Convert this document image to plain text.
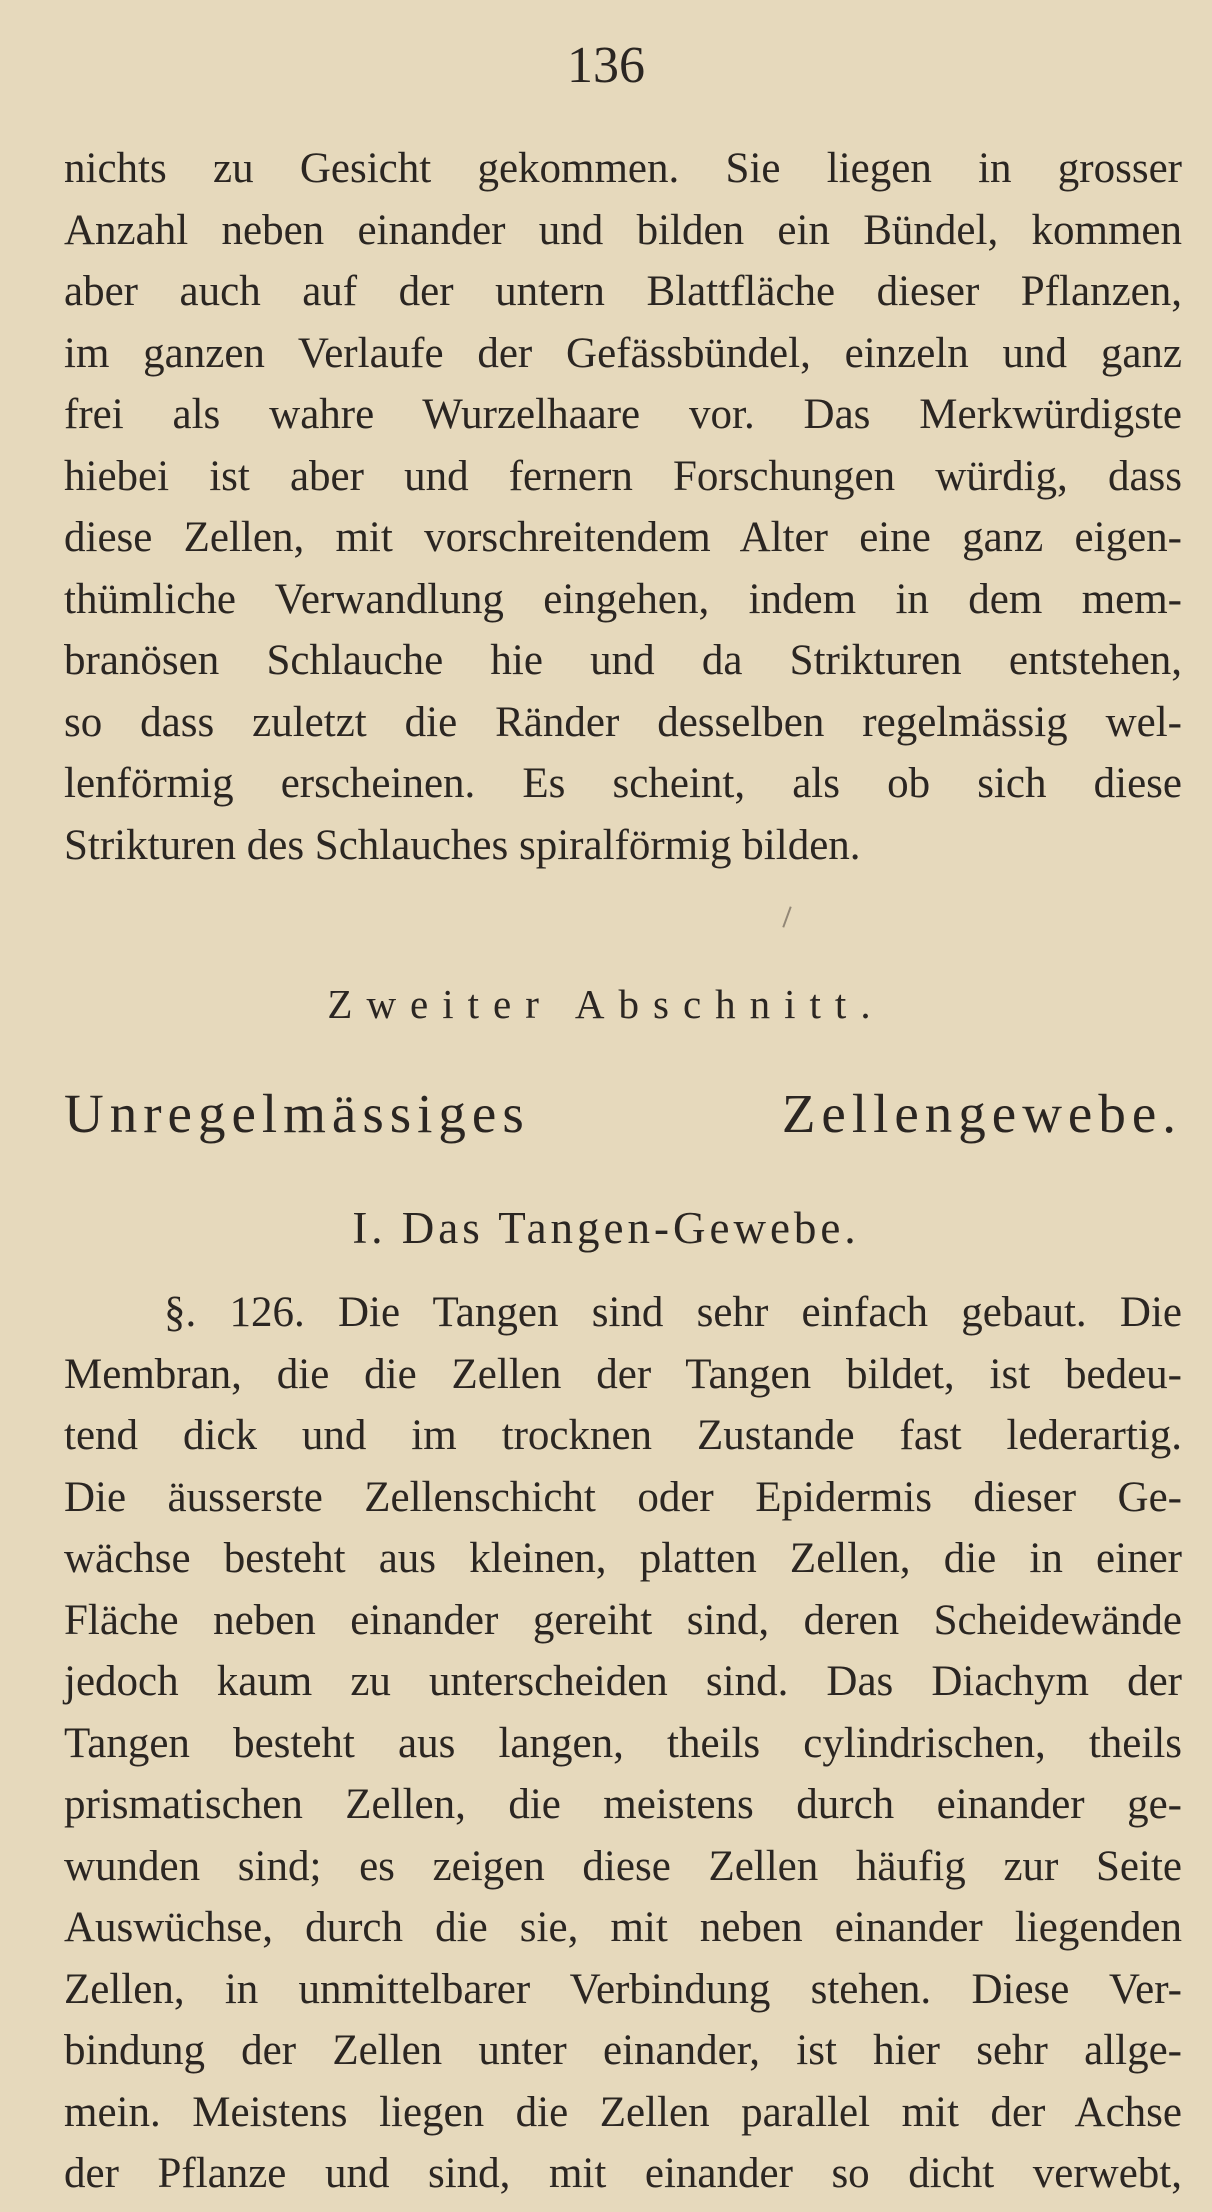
136
nichts zu Gesicht gekommen. Sie liegen in grosser
Anzahl neben einander und bilden ein Bündel, kommen
aber auch auf der untern Blattfläche dieser Pflanzen,
im ganzen Verlaufe der Gefässbündel, einzeln und ganz
frei als wahre Wurzelhaare vor. Das Merkwürdigste
hiebei ist aber und fernern Forschungen würdig, dass
diese Zellen, mit vorschreitendem Alter eine ganz eigen-
thümliche Verwandlung eingehen, indem in dem mem-
branösen Schlauche hie und da Strikturen entstehen,
so dass zuletzt die Ränder desselben regelmässig wel-
lenförmig erscheinen. Es scheint, als ob sich diese
Strikturen des Schlauches spiralförmig bilden.
Zweiter Abschnitt.
Unregelmässiges Zellengewebe.
I. Das Tangen-Gewebe.
§. 126. Die Tangen sind sehr einfach gebaut. Die
Membran, die die Zellen der Tangen bildet, ist bedeu-
tend dick und im trocknen Zustande fast lederartig.
Die äusserste Zellenschicht oder Epidermis dieser Ge-
wächse besteht aus kleinen, platten Zellen, die in einer
Fläche neben einander gereiht sind, deren Scheidewände
jedoch kaum zu unterscheiden sind. Das Diachym der
Tangen besteht aus langen, theils cylindrischen, theils
prismatischen Zellen, die meistens durch einander ge-
wunden sind; es zeigen diese Zellen häufig zur Seite
Auswüchse, durch die sie, mit neben einander liegenden
Zellen, in unmittelbarer Verbindung stehen. Diese Ver-
bindung der Zellen unter einander, ist hier sehr allge-
mein. Meistens liegen die Zellen parallel mit der Achse
der Pflanze und sind, mit einander so dicht verwebt,
